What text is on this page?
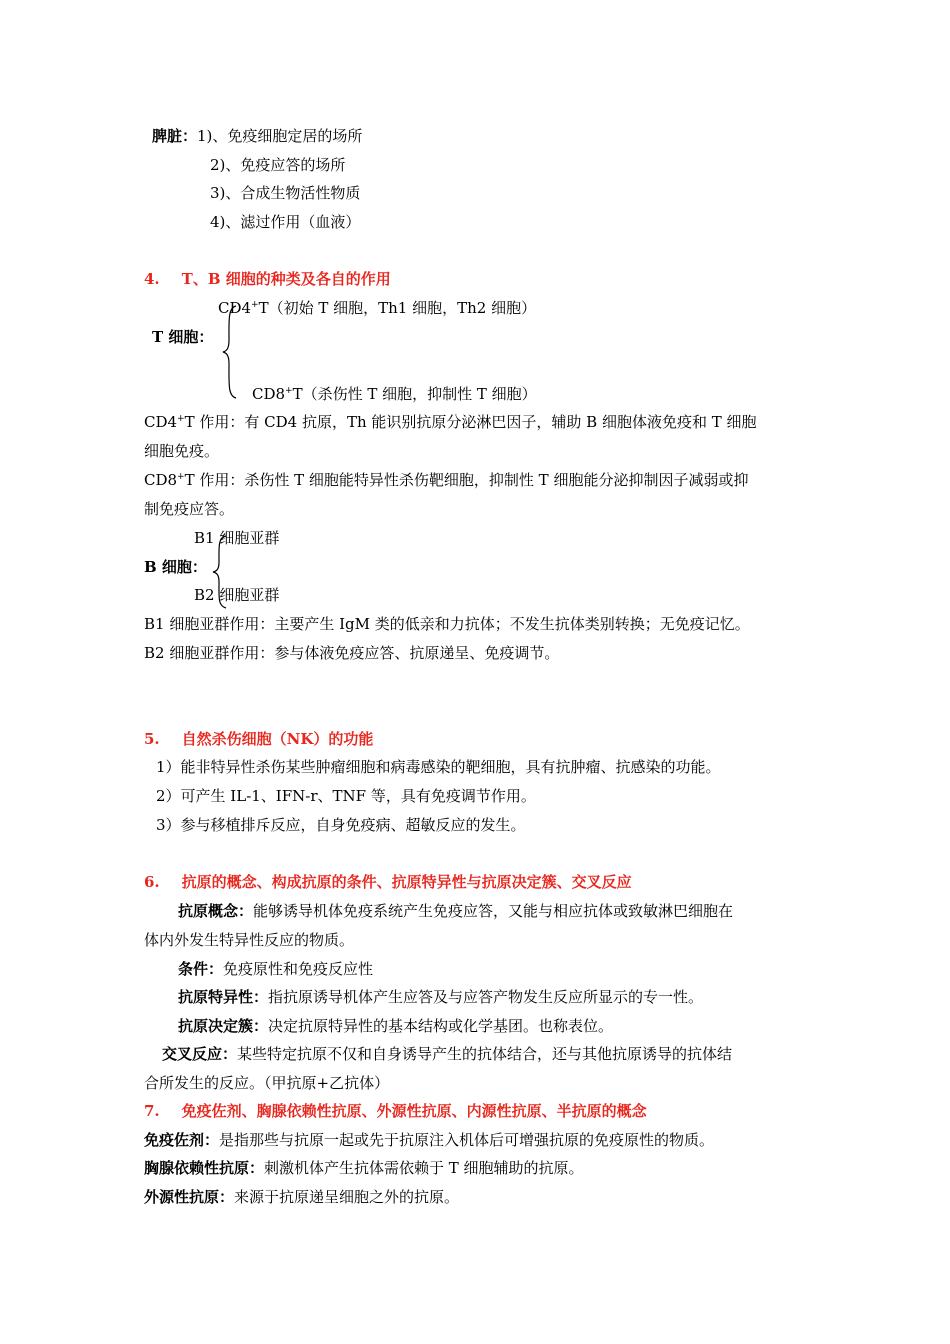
脾脏：1)、免疫细胞定居的场所
2)、免疫应答的场所
3)、合成生物活性物质
4)、滤过作用（血液）
4. T、B 细胞的种类及各自的作用
CD4+T（初始 T 细胞，Th1 细胞，Th2 细胞）
T 细胞：
CD8+T（杀伤性 T 细胞，抑制性 T 细胞）
CD4+T 作用：有 CD4 抗原，Th 能识别抗原分泌淋巴因子，辅助 B 细胞体液免疫和 T 细胞
细胞免疫。
CD8+T 作用：杀伤性 T 细胞能特异性杀伤靶细胞，抑制性 T 细胞能分泌抑制因子减弱或抑
制免疫应答。
B1 细胞亚群
B 细胞：
B2 细胞亚群
B1 细胞亚群作用：主要产生 IgM 类的低亲和力抗体；不发生抗体类别转换；无免疫记忆。
B2 细胞亚群作用：参与体液免疫应答、抗原递呈、免疫调节。
5. 自然杀伤细胞（NK）的功能
1）能非特异性杀伤某些肿瘤细胞和病毒感染的靶细胞，具有抗肿瘤、抗感染的功能。
2）可产生 IL-1、IFN-r、TNF 等，具有免疫调节作用。
3）参与移植排斥反应，自身免疫病、超敏反应的发生。
6. 抗原的概念、构成抗原的条件、抗原特异性与抗原决定簇、交叉反应
抗原概念：能够诱导机体免疫系统产生免疫应答，又能与相应抗体或致敏淋巴细胞在
体内外发生特异性反应的物质。
条件：免疫原性和免疫反应性
抗原特异性：指抗原诱导机体产生应答及与应答产物发生反应所显示的专一性。
抗原决定簇：决定抗原特异性的基本结构或化学基团。也称表位。
交叉反应：某些特定抗原不仅和自身诱导产生的抗体结合，还与其他抗原诱导的抗体结
合所发生的反应。（甲抗原+乙抗体）
7. 免疫佐剂、胸腺依赖性抗原、外源性抗原、内源性抗原、半抗原的概念
免疫佐剂：是指那些与抗原一起或先于抗原注入机体后可增强抗原的免疫原性的物质。
胸腺依赖性抗原：刺激机体产生抗体需依赖于 T 细胞辅助的抗原。
外源性抗原：来源于抗原递呈细胞之外的抗原。
